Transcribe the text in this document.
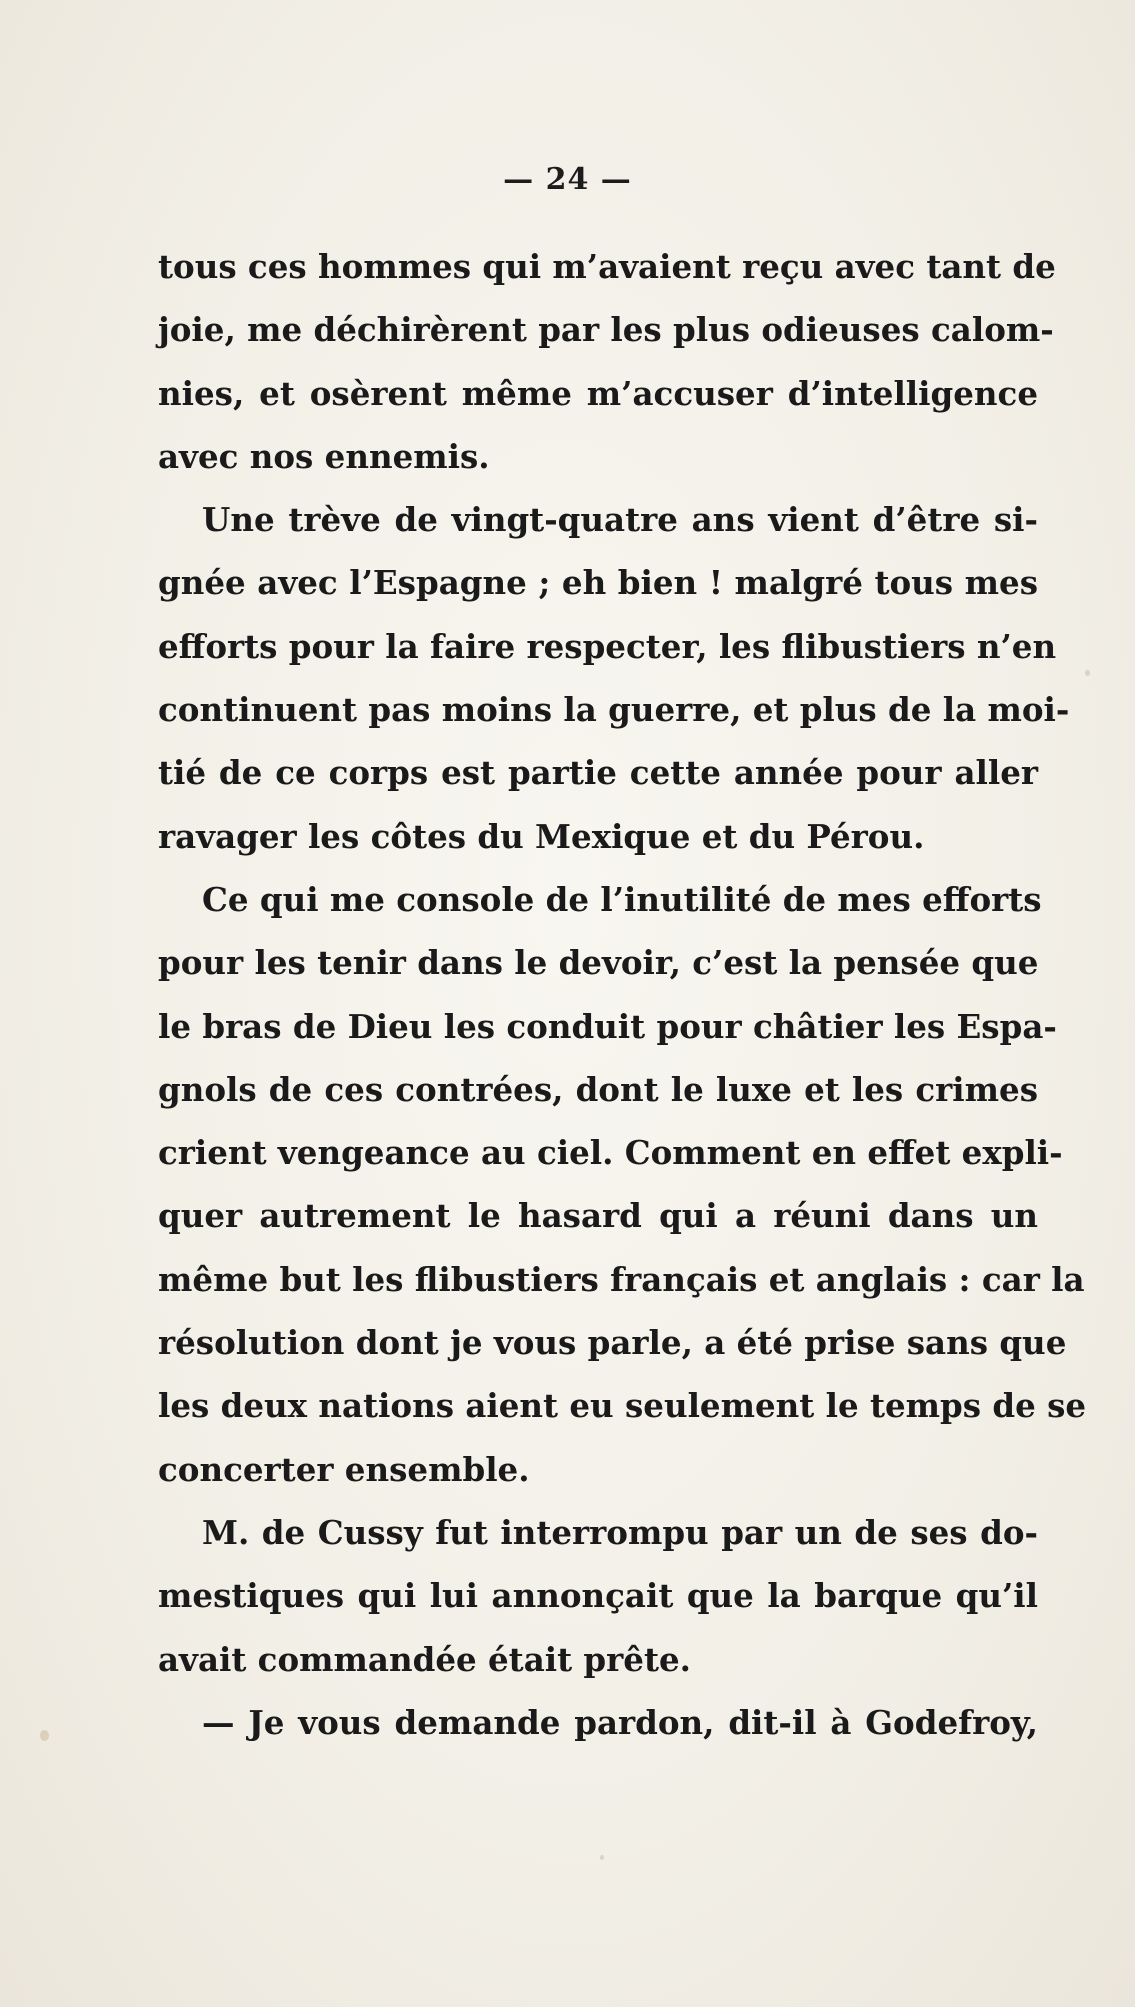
— 24 —
tous ces hommes qui m’avaient reçu avec tant de
joie, me déchirèrent par les plus odieuses calom-
nies, et osèrent même m’accuser d’intelligence
avec nos ennemis.
Une trève de vingt-quatre ans vient d’être si-
gnée avec l’Espagne ; eh bien ! malgré tous mes
efforts pour la faire respecter, les flibustiers n’en
continuent pas moins la guerre, et plus de la moi-
tié de ce corps est partie cette année pour aller
ravager les côtes du Mexique et du Pérou.
Ce qui me console de l’inutilité de mes efforts
pour les tenir dans le devoir, c’est la pensée que
le bras de Dieu les conduit pour châtier les Espa-
gnols de ces contrées, dont le luxe et les crimes
crient vengeance au ciel. Comment en effet expli-
quer autrement le hasard qui a réuni dans un
même but les flibustiers français et anglais : car la
résolution dont je vous parle, a été prise sans que
les deux nations aient eu seulement le temps de se
concerter ensemble.
M. de Cussy fut interrompu par un de ses do-
mestiques qui lui annonçait que la barque qu’il
avait commandée était prête.
— Je vous demande pardon, dit-il à Godefroy,
